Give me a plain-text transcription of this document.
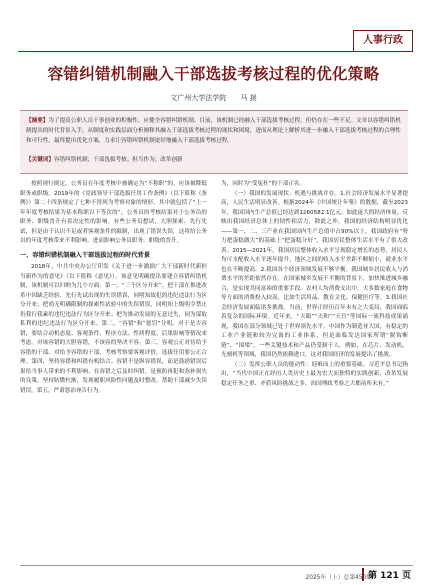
人事行政
容错纠错机制融入干部选拔考核过程的优化策略
文广州大学法学院 马 援

【摘要】为了提高公职人员干事创业的积极性，应健全容错纠错机制。目前，该机制已经融入干部选拔考核过程，但仍存在一些不足。文章以容错纠错机制提出的时代背景入手，从制度和实践层面分析阐释其融入干部选拔考核过程的现状和困境，进而从理论上解析其进一步融入干部选拔考核过程的合理性和可行性，最终提出优化方案，力求让容错纠错机制更好地融入干部选拔考核过程。

【关键词】容错纠错机制；干部选拔考核；担当作为；改革创新

按照现行规定，公务员在年度考核中被确定为“不称职”的，应该被降低职务或职级。2019年的《党政领导干部选拔任用工作条例》（以下简称《条例》）第二十四条规定了七种不得列为考察对象的情形，其中就包括了“上一年年度考核结果为基本称职以下等次的”。公务员的考核结果对于公务员的职务、职级晋升有着决定性的影响。有些公务员想试，大胆探索、先行先试，但是由于认识不足或者客观条件的限制，出现了错误失误，这将给公务员的年度考核带来不利影响，进而影响公务员职务、职级的晋升。

一、容错纠错机制融入干部选拔过程的时代背景

2018年，中共中央办公厅印发《关于进一步激励广大干部新时代新担当新作为的意见》（以下简称《意见》），该意见明确提出要建立容错纠错机制，该机制可以归纳为几个方面：第一，“三个区分开来”。把干部在推进改革中因缺乏经验、先行先试出现的失误错误，同明知故犯的违纪违法行为区分开来；把尚无明确限制的探索性试验中的失误错误，同明知上级明令禁止仍我行我素的违纪违法行为区分开来；把为推动发展的无意过失，同为谋取私利的违纪违法行为区分开来。第二，“容错”和“惩罚”分明。对于是否容错，要结合动机态度、客观条件、程序方法、性质程度、后果影响等情况来考虑。对该容错的大胆容错，不该容的坚决不容。第三，容观公正对待给予容错的干部。对给予容错的干部，考核考察要客观评价，选拔任用要公正合理。第四，坚持容错和纠错有机结合。容错不是纵容错误，而是鼓励错误后果给当事人带来的不利影响。在容错之后及时纠错，是预防再犯和弥补损失的良策。坚持防微杜渐，发现履职风险性问题及时整改，帮助干部减少失误错误。第五，严肃惩治诬告行为。

为，同时为“受冤枉”的干部正名。

（一）我国的发展现状：机遇与挑战并存。1.社会经济发展水平显著提高，人民生活明显改善。根据2024年《中国统计年鉴》的数据，截至2023年，我国国内生产总值已经达到1260582.1亿元。如此庞大的经济体量，反映出我国经济总体上的韧性和活力，除此之外，我国的经济结构明显优化——第一、二、三产业在我国国内生产总值中占90%以上。我国政府有“努力把蛋糕做大”的基础上“把蛋糕分好”，我国居民整体生活水平有了很大改善。2015—2021年，我国居民整体收入水平呈现稳定增长的态势，居民人均可支配收入水平逐年提升。地区之间的收入水平差距不断缩小，就业水平也在不断提高。2.我国各个经济领域发展不够平衡。我国城乡居民收入与消费水平的差距依然存在，在国家城乡发展不平衡的背景下，加快推进城乡融合，是实现共同富裕的重要手段。农村人均消费支出中，大多数家庭在食物等方面的消费投入较高，比如生活用品、教育文化、保健医疗等。3.我国社会经济发展面临诸多挑战。当前，世界正经历百年未有之大变局，我国面临着复杂的国际环境。近年来，“天眼”“天和”“天宫”等国际一流科技成果涌现，我国在部分领域已处于世界领先水平。中国作为制造业大国，有稳定的工业产业链和较为完备的工业体系，但是面临发达国家所谓“脱钩断链”、“围堵”，一些关键技术和产品仍受制于人。例如，在芯片、发动机、光刻机等领域，我国仍然依赖进口，这对我国经济的发展提出了挑战。

（二）发挥公职人员的能动性：迎难而上的重要基础。习近平总书记指出，“当代中国正在经历人类历史上最为宏大而独特的实践创新，改革发展稳定任务之重、矛盾风险挑战之多、治国理政考验之大都前所未有。”

2025年（上）总第450期
第 121 页
